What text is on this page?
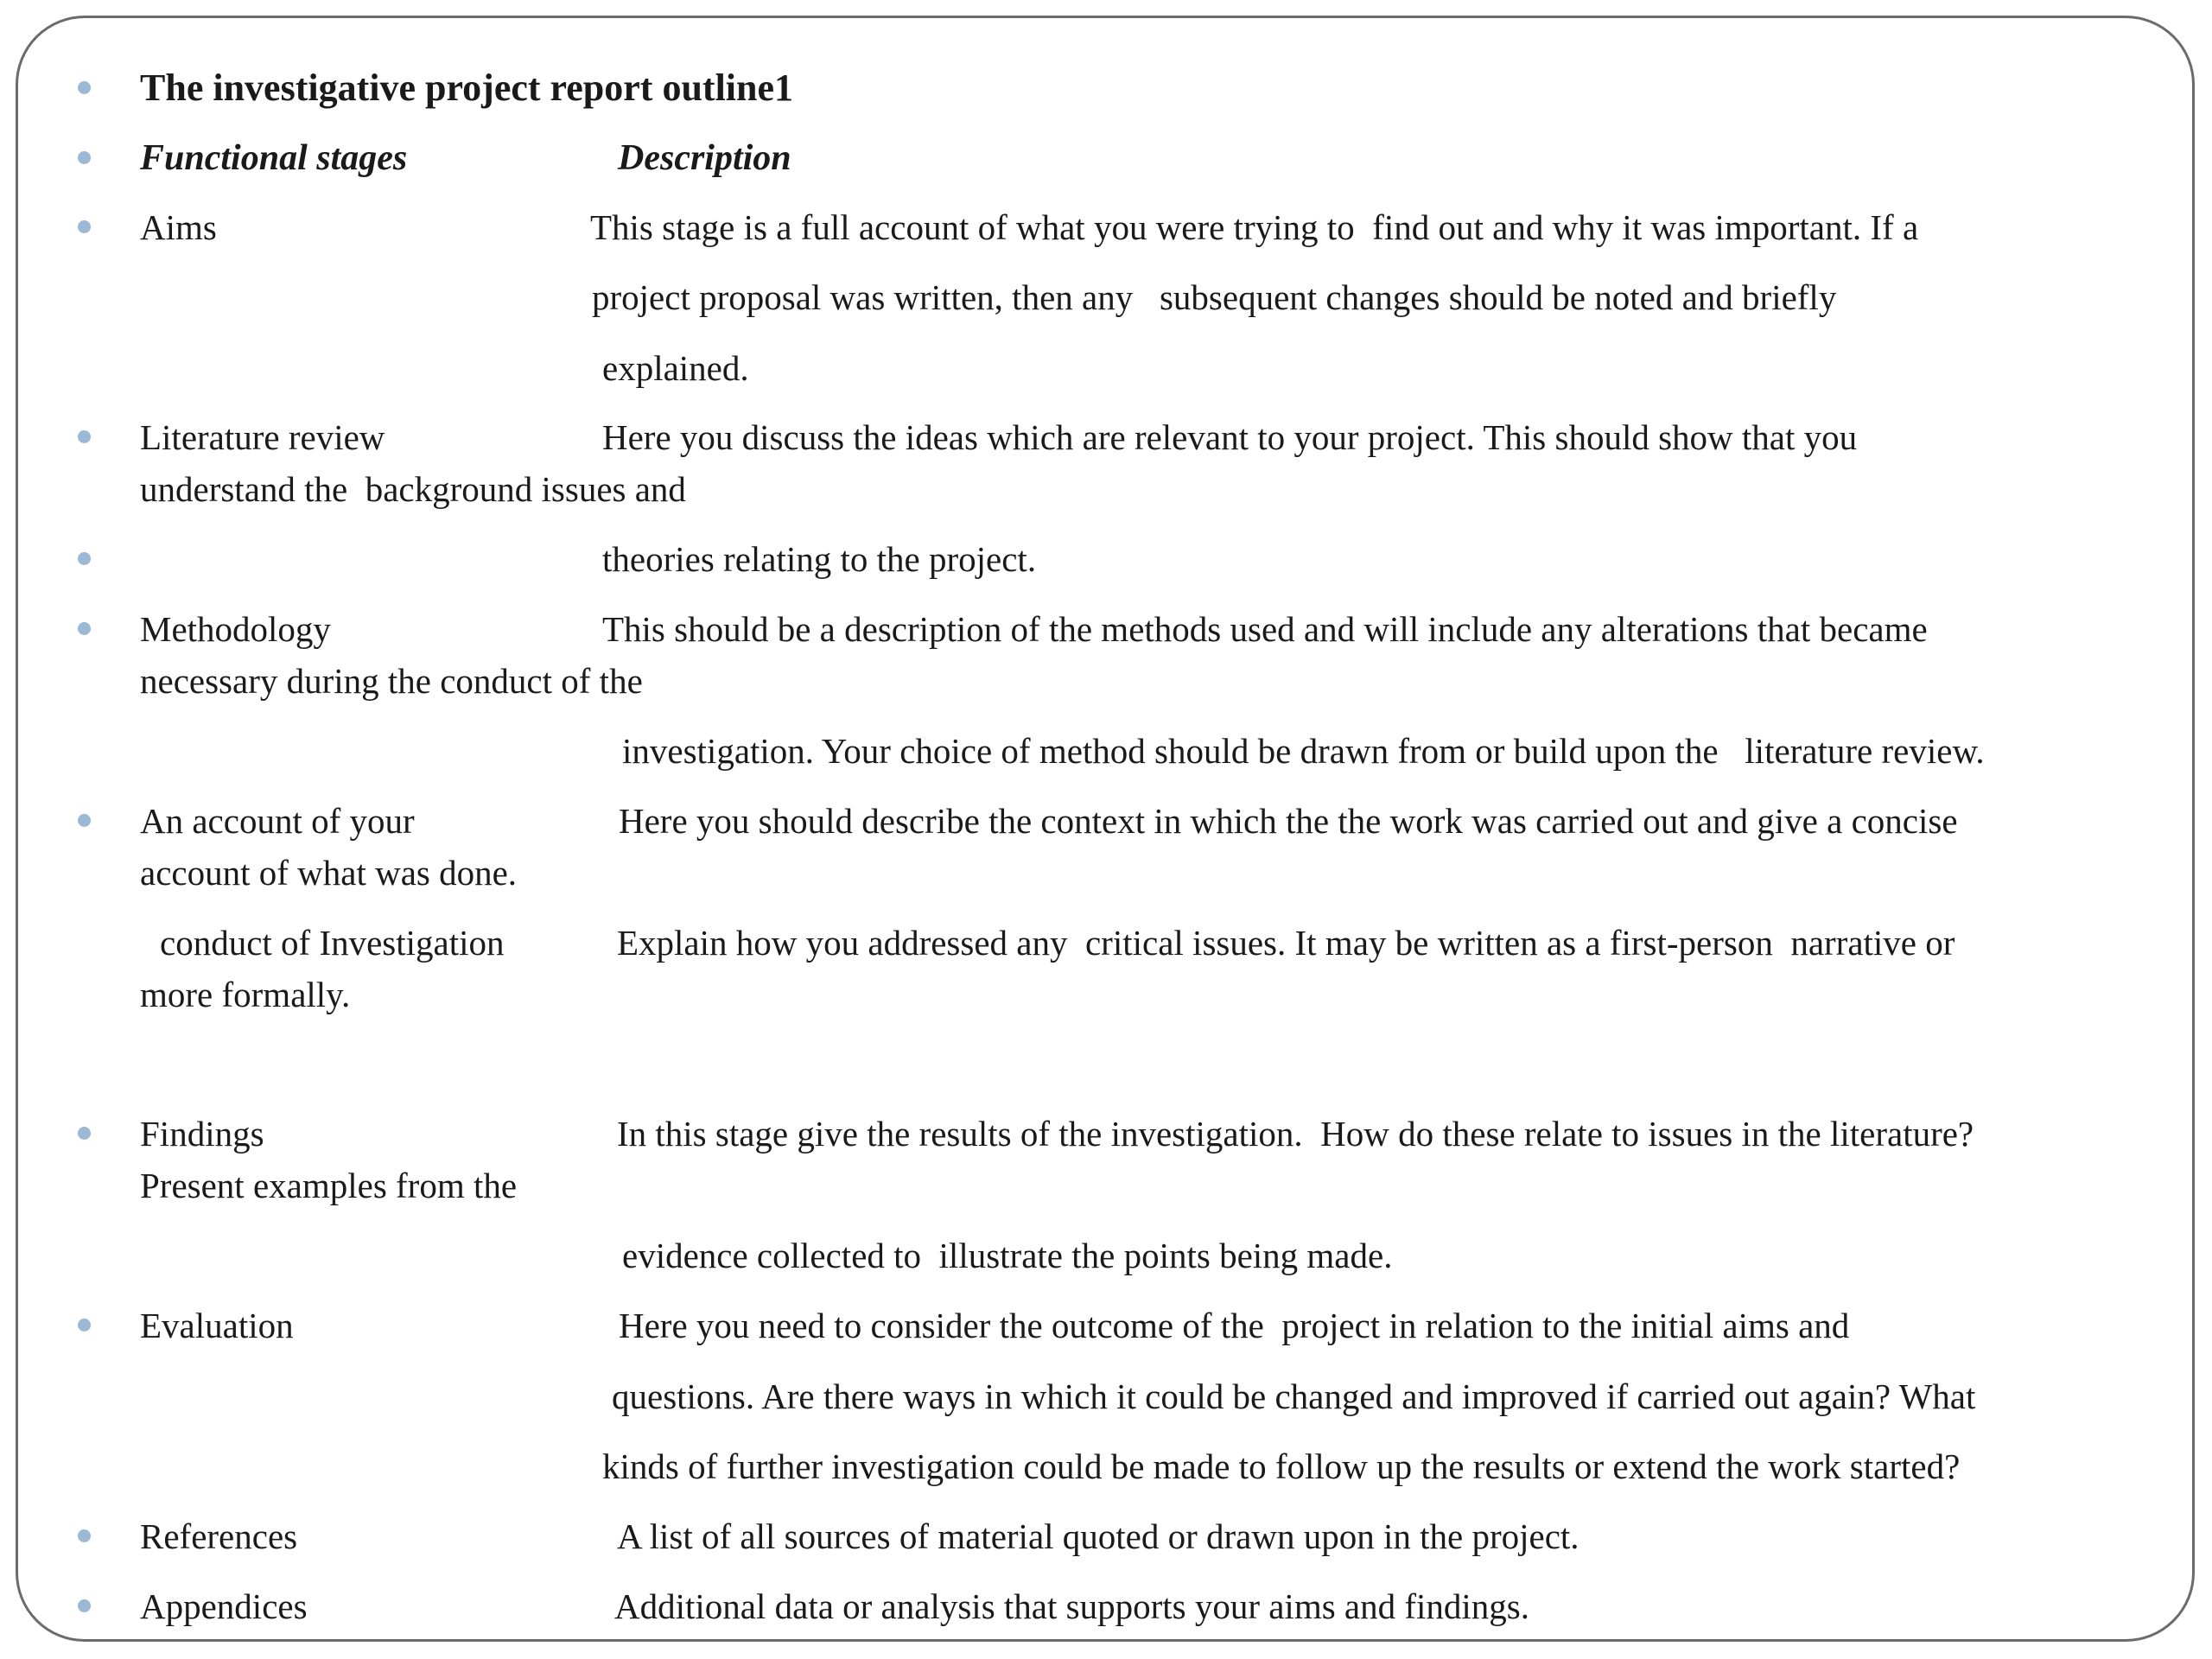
The investigative project report outline1
Functional stages	Description
Aims	This stage is a full account of what you were trying to  find out and why it was important. If a
project proposal was written, then any   subsequent changes should be noted and briefly
explained.
Literature review	Here you discuss the ideas which are relevant to your project. This should show that you
understand the  background issues and
theories relating to the project.
Methodology	This should be a description of the methods used and will include any alterations that became
necessary during the conduct of the
investigation. Your choice of method should be drawn from or build upon the   literature review.
An account of your	Here you should describe the context in which the the work was carried out and give a concise
account of what was done.
conduct of Investigation	Explain how you addressed any  critical issues. It may be written as a first-person  narrative or
more formally.
Findings	In this stage give the results of the investigation.  How do these relate to issues in the literature?
Present examples from the
evidence collected to  illustrate the points being made.
Evaluation	Here you need to consider the outcome of the  project in relation to the initial aims and
questions. Are there ways in which it could be changed and improved if carried out again? What
kinds of further investigation could be made to follow up the results or extend the work started?
References	A list of all sources of material quoted or drawn upon in the project.
Appendices	Additional data or analysis that supports your aims and findings.
